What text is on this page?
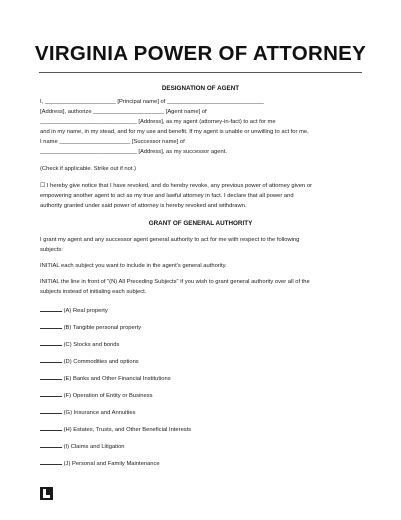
VIRGINIA POWER OF ATTORNEY
DESIGNATION OF AGENT
I, ______________________ [Principal name] of ______________________________
[Address], authorize ______________________ [Agent name] of
______________________________ [Address], as my agent (attorney-in-fact) to act for me
and in my name, in my stead, and for my use and benefit. If my agent is unable or unwilling to act for me,
I name ______________________ [Successor name] of
______________________________ [Address], as my successor agent.
(Check if applicable. Strike out if not.)
☐ I hereby give notice that I have revoked, and do hereby revoke, any previous power of attorney given or
empowering another agent to act as my true and lawful attorney in fact. I declare that all power and
authority granted under said power of attorney is hereby revoked and withdrawn.
GRANT OF GENERAL AUTHORITY
I grant my agent and any successor agent general authority to act for me with respect to the following
subjects:
INITIAL each subject you want to include in the agent's general authority.
INITIAL the line in front of "(N) All Preceding Subjects" if you wish to grant general authority over all of the
subjects instead of initialing each subject.
(A) Real property
(B) Tangible personal property
(C) Stocks and bonds
(D) Commodities and options
(E) Banks and Other Financial Institutions
(F) Operation of Entity or Business
(G) Insurance and Annuities
(H) Estates, Trusts, and Other Beneficial Interests
(I) Claims and Litigation
(J) Personal and Family Maintenance
